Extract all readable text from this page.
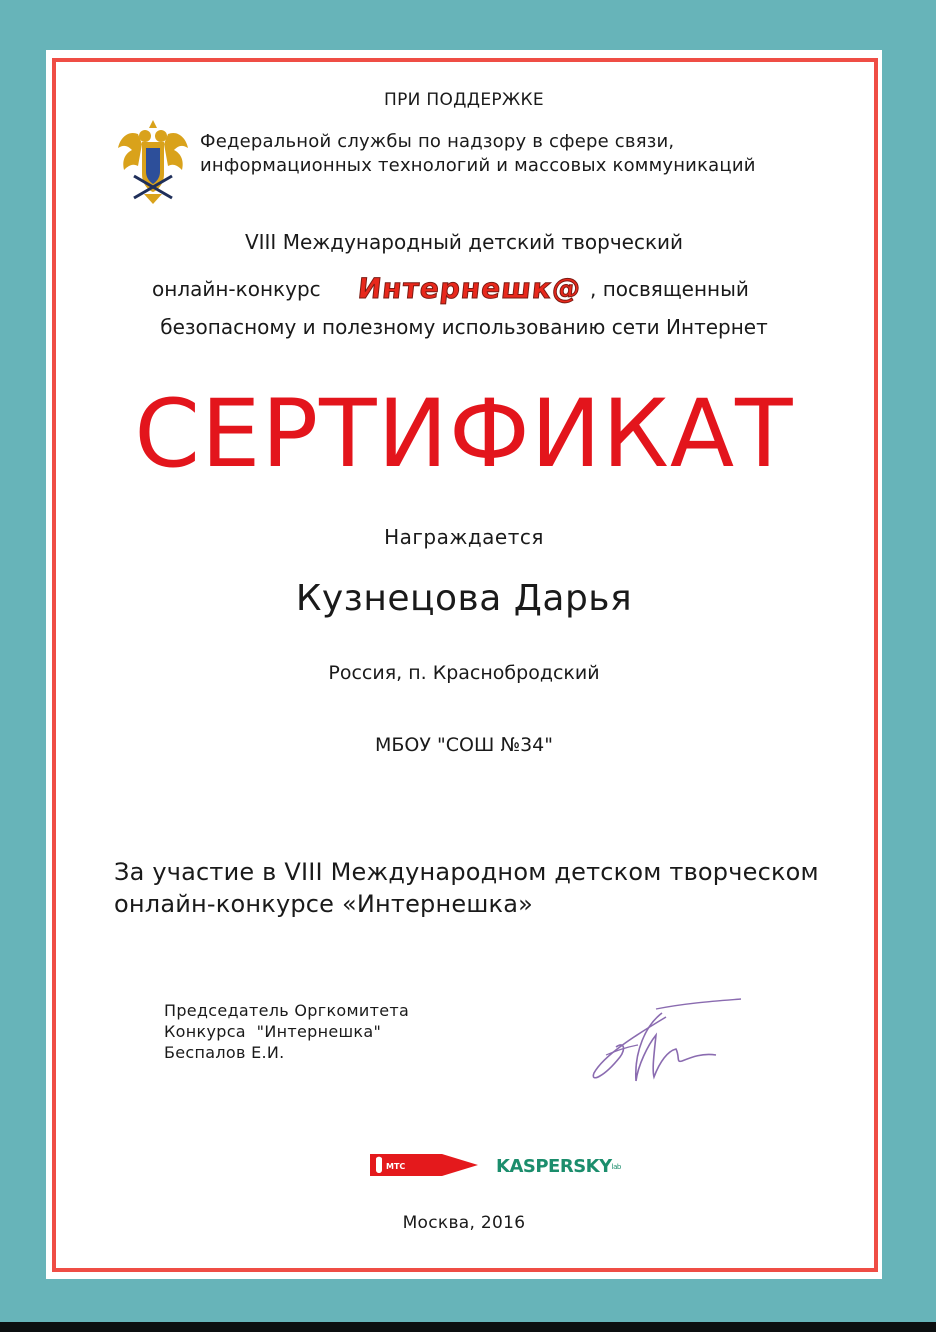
ПРИ ПОДДЕРЖКЕ
Федеральной службы по надзору в сфере связи,
информационных технологий и массовых коммуникаций
VIII Международный детский творческий
онлайн-конкурс Интернешк@ , посвященный
безопасному и полезному использованию сети Интернет
СЕРТИФИКАТ
Награждается
Кузнецова Дарья
Россия, п. Краснобродский
МБОУ "СОШ №34"
За участие в VIII Международном детском творческом
онлайн-конкурсе «Интернешка»
Председатель Оргкомитета
Конкурса  "Интернешка"
Беспалов Е.И.
МТС	KASPERSKYlab
Москва, 2016
